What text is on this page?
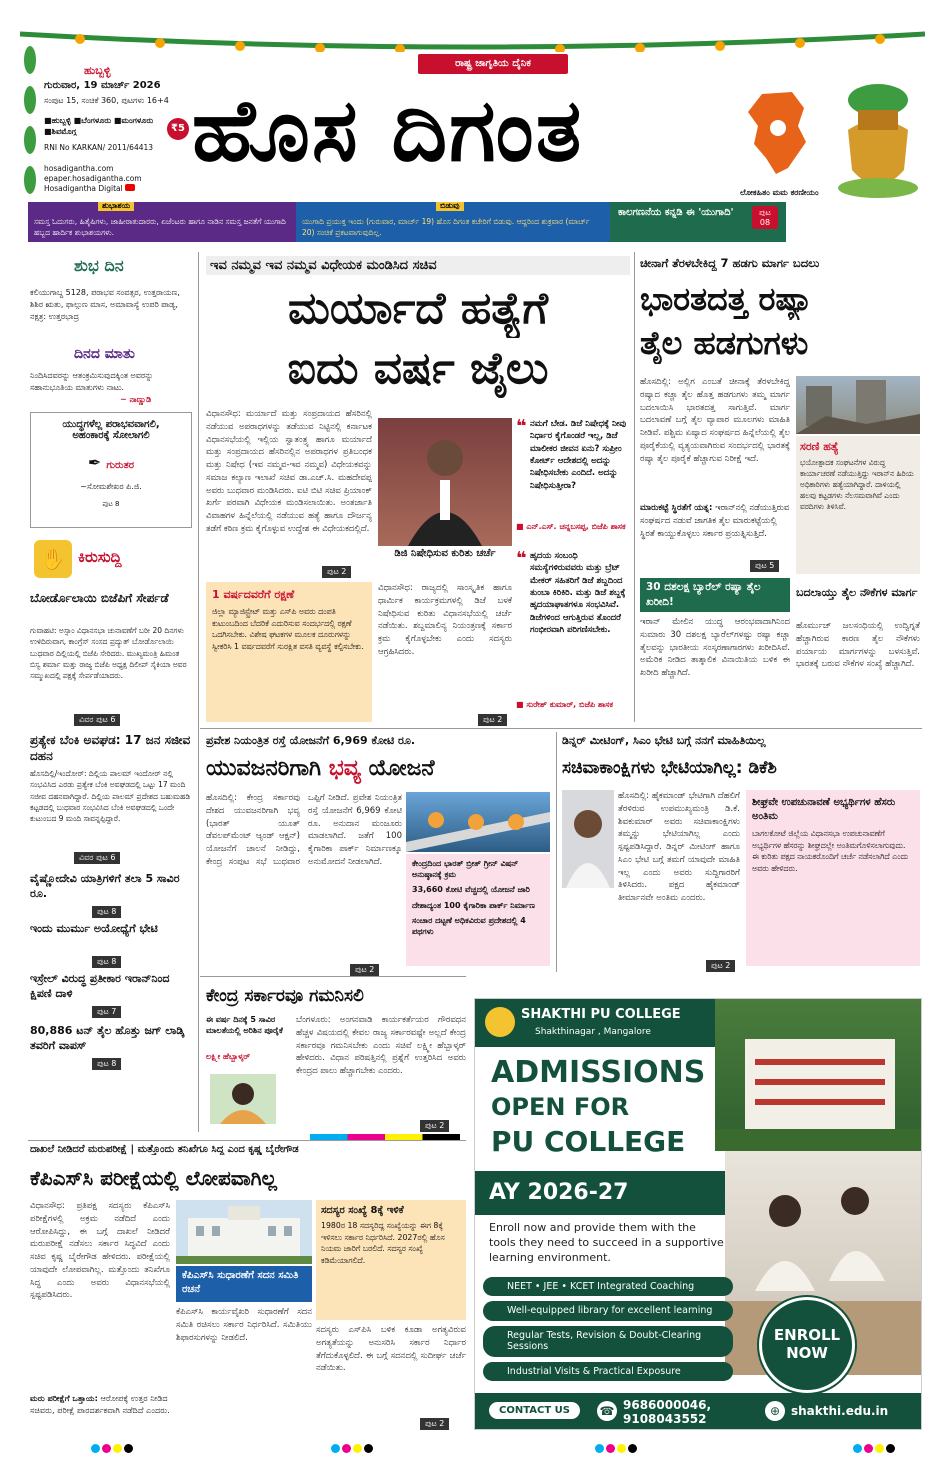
ರಾಷ್ಟ್ರ ಜಾಗೃತಿಯ ದೈನಿಕ
ಹುಬ್ಬಳ್ಳಿ
ಗುರುವಾರ, 19 ಮಾರ್ಚ್ 2026
ಸಂಪುಟ 15, ಸಂಚಿಕೆ 360, ಪುಟಗಳು 16+4
■ಹುಬ್ಬಳ್ಳಿ ■ಬೆಂಗಳೂರು ■ಮಂಗಳೂರು ■ಶಿವಮೊಗ್ಗ	₹5
RNI No KARKAN/ 2011/64413
hosadigantha.com
epaper.hosadigantha.com
Hosadigantha Digital
ಹೊಸ ದಿಗಂತ
ಲೋಕಹಿತಂ ಮಮ ಕರಣೀಯಂ
ಶುಭಾಶಯ
ಸಮಸ್ತ ಓದುಗರು, ಹಿತೈಷಿಗಳು, ಜಾಹೀರಾತುದಾರರು, ಏಜೆಂಟರು ಹಾಗೂ ನಾಡಿನ ಸಮಸ್ತ ಜನತೆಗೆ ಯುಗಾದಿ ಹಬ್ಬದ ಹಾರ್ದಿಕ ಶುಭಾಶಯಗಳು.
ಬಿಡುವು
ಯುಗಾದಿ ಪ್ರಯುಕ್ತ ಇಂದು (ಗುರುವಾರ, ಮಾರ್ಚ್ 19) ಹೊಸ ದಿಗಂತ ಕಚೇರಿಗೆ ಬಿಡುವು. ಆದ್ದರಿಂದ ಶುಕ್ರವಾರ (ಮಾರ್ಚ್ 20) ಸಂಚಿಕೆ ಪ್ರಕಟವಾಗುವುದಿಲ್ಲ.
ಕಾಲಗಣನೆಯ ಕನ್ನಡಿ ಈ 'ಯುಗಾದಿ'	ಪುಟ 08
ಶುಭ ದಿನ
ಕಲಿಯುಗಾಬ್ದ 5128, ಪರಾಭವ ಸಂವತ್ಸರ, ಉತ್ತರಾಯಣ, ಶಿಶಿರ ಋತು, ಫಾಲ್ಗುಣ ಮಾಸ, ಅಮಾವಾಸ್ಯೆ ಉಪರಿ ಪಾಡ್ಯ, ನಕ್ಷತ್ರ: ಉತ್ತರಭಾದ್ರ
ದಿನದ ಮಾತು
ನಿಂದಿಸಿದವರನ್ನು ಆತಂಕ್ರಮಿಸುವುದಕ್ಕಿಂತ ಅವರನ್ನು ಸಹಾನುಭೂತಿಯ ಮಾತುಗಳು ನಾಟು.
~ ನಾಣ್ಣುಡಿ
ಯುದ್ಧಗಳೆಲ್ಲ ಪರಾಭವವಾಗಲಿ,
ಅಹಂಕಾರಕ್ಕೆ ಸೋಲಾಗಲಿ
✒ ಗುರುತರ
~ಸೋಮಶೇಖರ ಪಿ.ಜಿ.
ಪುಟ 8
✋ ಕಿರುಸುದ್ದಿ
ಬೋರ್ಡೊಲಾಯಿ ಬಿಜೆಪಿಗೆ ಸೇರ್ಪಡೆ
ಗುವಾಹಟಿ: ಅಸ್ಸಾಂ ವಿಧಾನಸಭಾ ಚುನಾವಣೆಗೆ ಬರೀ 20 ದಿನಗಳು ಉಳಿದಿರುವಾಗ, ಕಾಂಗ್ರೆಸ್ ಸಂಸದ ಪ್ರದ್ಯುತ್ ಬೋರ್ಡೊಲಾಯಿ ಬುಧವಾರ ದಿಲ್ಲಿಯಲ್ಲಿ ಬಿಜೆಪಿ ಸೇರಿದರು. ಮುಖ್ಯಮಂತ್ರಿ ಹಿಮಂತ ಬಿಸ್ವ ಶರ್ಮಾ ಮತ್ತು ರಾಜ್ಯ ಬಿಜೆಪಿ ಅಧ್ಯಕ್ಷ ದಿಲೀಪ್ ಸೈಕಿಯಾ ಅವರ ಸಮ್ಮುಖದಲ್ಲಿ ಪಕ್ಷಕ್ಕೆ ಸೇರ್ಪಡೆಯಾದರು.
ವಿವರ ಪುಟ 6
ಪ್ರತ್ಯೇಕ ಬೆಂಕಿ ಅವಘಡ: 17 ಜನ ಸಜೀವ ದಹನ
ಹೊಸದಿಲ್ಲಿ/ಇಂದೋರ್: ದಿಲ್ಲಿಯ ಪಾಲಮ್ ಇಂದೋರ್ ನಲ್ಲಿ ಸಂಭವಿಸಿದ ಎರಡು ಪ್ರತ್ಯೇಕ ಬೆಂಕಿ ಅವಘಡದಲ್ಲಿ ಒಟ್ಟು 17 ಮಂದಿ ಸಜೀವ ದಹನವಾಗಿದ್ದಾರೆ. ದಿಲ್ಲಿಯ ಪಾಲಮ್ ಪ್ರದೇಶದ ಬಹುಮಹಡಿ ಕಟ್ಟಡದಲ್ಲಿ ಬುಧವಾರ ಸಂಭವಿಸಿದ ಬೆಂಕಿ ಅವಘಡದಲ್ಲಿ ಒಂದೇ ಕುಟುಂಬದ 9 ಮಂದಿ ಸಾವನ್ನಪ್ಪಿದ್ದಾರೆ.
ವಿವರ ಪುಟ 6
ವೈಷ್ಣೋದೇವಿ ಯಾತ್ರಿಗಳಿಗೆ ತಲಾ 5 ಸಾವಿರ ರೂ.
ಪುಟ 8
ಇಂದು ಮುರ್ಮು ಅಯೋಧ್ಯೆಗೆ ಭೇಟಿ
ಪುಟ 8
ಇಸ್ರೇಲ್ ವಿರುದ್ಧ ಪ್ರತೀಕಾರ ಇರಾನ್‌ನಿಂದ ಕ್ಷಿಪಣಿ ದಾಳಿ
ಪುಟ 7
80,886 ಟನ್ ತೈಲ ಹೊತ್ತು ಜಗ್ ಲಾಡ್ಕಿ ತವರಿಗೆ ವಾಪಸ್
ಪುಟ 8
ಇವ ನಮ್ಮವ ಇವ ನಮ್ಮವ ವಿಧೇಯಕ ಮಂಡಿಸಿದ ಸಚಿವ
ಮರ್ಯಾದೆ ಹತ್ಯೆಗೆ
ಐದು ವರ್ಷ ಜೈಲು
ವಿಧಾನಸೌಧ: ಮರ್ಯಾದೆ ಮತ್ತು ಸಂಪ್ರದಾಯದ ಹೆಸರಿನಲ್ಲಿ ನಡೆಯುವ ಅಪರಾಧಗಳನ್ನು ತಡೆಯುವ ನಿಟ್ಟಿನಲ್ಲಿ ಕರ್ನಾಟಕ ವಿಧಾನಸಭೆಯಲ್ಲಿ ಇಲ್ಲಿಯ ಸ್ವಾತಂತ್ರ್ಯ ಹಾಗೂ ಮರ್ಯಾದೆ ಮತ್ತು ಸಂಪ್ರದಾಯದ ಹೆಸರಿನಲ್ಲಿನ ಅಪರಾಧಗಳ ಪ್ರತಿಬಂಧಕ ಮತ್ತು ನಿಷೇಧ (ಇವ ನಮ್ಮವ-ಇವ ನಮ್ಮವ) ವಿಧೇಯಕವನ್ನು ಸಮಾಜ ಕಲ್ಯಾಣ ಇಲಾಖೆ ಸಚಿವ ಡಾ.ಎಚ್.ಸಿ. ಮಹದೇವಪ್ಪ ಅವರು ಬುಧವಾರ ಮಂಡಿಸಿದರು. ಐಟಿ ಬಿಟಿ ಸಚಿವ ಪ್ರಿಯಾಂಕ್ ಖರ್ಗೆ ಪರವಾಗಿ ವಿಧೇಯಕ ಮಂಡಿಸಲಾಯಿತು. ಅಂತರ್ಜಾತಿ ವಿವಾಹಗಳ ಹಿನ್ನೆಲೆಯಲ್ಲಿ ನಡೆಯುವ ಹತ್ಯೆ ಹಾಗೂ ದೌರ್ಜನ್ಯ ತಡೆಗೆ ಕಠಿಣ ಕ್ರಮ ಕೈಗೊಳ್ಳುವ ಉದ್ದೇಶ ಈ ವಿಧೇಯಕದಲ್ಲಿದೆ.
ಡಿಜಿ ನಿಷೇಧಿಸುವ ಕುರಿತು ಚರ್ಚೆ
ಪುಟ 2
❝ ನಮಗೆ ಬೇಡ. ಡಿಜೆ ನಿಷೇಧಕ್ಕೆ ನೀವು ನಿರ್ಧಾರ ಕೈಗೊಂಡರೆ ಇಲ್ಲ, ಡಿಜೆ ಮಾಲೀಕರ ಜೀವನ ಏನು? ಸುಪ್ರೀಂ ಕೋರ್ಟ್ ಆದೇಶದಲ್ಲಿ ಅದನ್ನು ನಿಷೇಧಿಸಬೇಕು ಎಂದಿದೆ. ಅದನ್ನು ನಿಷೇಧಿಸುತ್ತೀರಾ?
■ ಎನ್.ಎಸ್. ಚನ್ನಬಸಪ್ಪ, ಬಿಜೆಪಿ ಶಾಸಕ
1 ವರ್ಷದವರೆಗೆ ರಕ್ಷಣೆ
ಜಿಲ್ಲಾ ಮ್ಯಾಜಿಸ್ಟ್ರೇಟ್ ಮತ್ತು ಎಸ್‌ಪಿ ಅವರು ದಂಪತಿ ಕುಟುಂಬದಿಂದ ಬೆದರಿಕೆ ಎದುರಿಸುವ ಸಂದರ್ಭದಲ್ಲಿ ರಕ್ಷಣೆ ಒದಗಿಸಬೇಕು. ವಿಶೇಷ ಘಟಕಗಳ ಮೂಲಕ ದೂರುಗಳನ್ನು ಸ್ವೀಕರಿಸಿ 1 ವರ್ಷದವರೆಗೆ ಸುರಕ್ಷಿತ ವಸತಿ ವ್ಯವಸ್ಥೆ ಕಲ್ಪಿಸಬೇಕು.
ವಿಧಾನಸೌಧ: ರಾಜ್ಯದಲ್ಲಿ ಸಾಂಸ್ಕೃತಿಕ ಹಾಗೂ ಧಾರ್ಮಿಕ ಕಾರ್ಯಕ್ರಮಗಳಲ್ಲಿ ಡಿಜೆ ಬಳಕೆ ನಿಷೇಧಿಸುವ ಕುರಿತು ವಿಧಾನಸಭೆಯಲ್ಲಿ ಚರ್ಚೆ ನಡೆಯಿತು. ಶಬ್ದಮಾಲಿನ್ಯ ನಿಯಂತ್ರಣಕ್ಕೆ ಸರ್ಕಾರ ಕ್ರಮ ಕೈಗೊಳ್ಳಬೇಕು ಎಂದು ಸದಸ್ಯರು ಆಗ್ರಹಿಸಿದರು.
ಪುಟ 2
❝ ಹೃದಯ ಸಂಬಂಧಿ ಸಮಸ್ಯೆಗಳಿರುವವರು ಮತ್ತು ಬ್ರೆಟ್ ಮೇಕರ್ ಸಹಿತರಿಗೆ ಡಿಜೆ ಶಬ್ದದಿಂದ ತುಂಬಾ ಕಿರಿಕಿರಿ. ಮತ್ತು ಡಿಜೆ ಶಬ್ದಕ್ಕೆ ಹೃದಯಾಘಾತಗಳೂ ಸಂಭವಿಸಿವೆ. ಡಿಜೆಗಳಿಂದ ಆಗುತ್ತಿರುವ ತೊಂದರೆ ಗಂಭೀರವಾಗಿ ಪರಿಗಣಿಸಬೇಕು.
■ ಸುರೇಶ್ ಕುಮಾರ್, ಬಿಜೆಪಿ ಶಾಸಕ
ಚೀನಾಗೆ ತೆರಳಬೇಕಿದ್ದ 7 ಹಡಗು ಮಾರ್ಗ ಬದಲು
ಭಾರತದತ್ತ ರಷ್ಯಾ
ತೈಲ ಹಡಗುಗಳು
ಹೊಸದಿಲ್ಲಿ: ಅಲ್ಲಿಗ ಎಂಬತೆ ಚೀನಾಕ್ಕೆ ತೆರಳಬೇಕಿದ್ದ ರಷ್ಯಾದ ಕಚ್ಚಾ ತೈಲ ಹೊತ್ತ ಹಡಗುಗಳು ತಮ್ಮ ಮಾರ್ಗ ಬದಲಾಯಿಸಿ ಭಾರತದತ್ತ ಸಾಗುತ್ತಿವೆ. ಮಾರ್ಗ ಬದಲಾವಣೆ ಬಗ್ಗೆ ತೈಲ ವ್ಯಾಪಾರ ಮೂಲಗಳು ಮಾಹಿತಿ ನೀಡಿವೆ. ಪಶ್ಚಿಮ ಏಷ್ಯಾದ ಸಂಘರ್ಷದ ಹಿನ್ನೆಲೆಯಲ್ಲಿ ತೈಲ ಪೂರೈಕೆಯಲ್ಲಿ ವ್ಯತ್ಯಯವಾಗಿರುವ ಸಂದರ್ಭದಲ್ಲಿ ಭಾರತಕ್ಕೆ ರಷ್ಯಾ ತೈಲ ಪೂರೈಕೆ ಹೆಚ್ಚಾಗುವ ನಿರೀಕ್ಷೆ ಇದೆ.
ಮಾರುಕಟ್ಟೆ ಸ್ಥಿರತೆಗೆ ಯತ್ನ: ಇರಾನ್‌ನಲ್ಲಿ ನಡೆಯುತ್ತಿರುವ ಸಂಘರ್ಷದ ನಡುವೆ ಜಾಗತಿಕ ತೈಲ ಮಾರುಕಟ್ಟೆಯಲ್ಲಿ ಸ್ಥಿರತೆ ಕಾಯ್ದುಕೊಳ್ಳಲು ಸರ್ಕಾರ ಪ್ರಯತ್ನಿಸುತ್ತಿದೆ.
ಪುಟ 5
ಸರಣಿ ಹತ್ಯೆ
ಭಯೋತ್ಪಾದಕ ಸಂಘಟನೆಗಳ ವಿರುದ್ಧ ಕಾರ್ಯಾಚರಣೆ ನಡೆಯುತ್ತಿದ್ದು ಇರಾನ್‌ನ ಹಿರಿಯ ಅಧಿಕಾರಿಗಳು ಹತ್ಯೆಯಾಗಿದ್ದಾರೆ. ದಾಳಿಯಲ್ಲಿ ಹಲವು ಕಟ್ಟಡಗಳು ನೆಲಸಮವಾಗಿವೆ ಎಂದು ವರದಿಗಳು ತಿಳಿಸಿವೆ.
30 ದಶಲಕ್ಷ ಬ್ಯಾರೆಲ್ ರಷ್ಯಾ ತೈಲ ಖರೀದಿ!
ಇರಾನ್ ಮೇಲಿನ ಯುದ್ಧ ಆರಂಭವಾದಾಗಿನಿಂದ ಸುಮಾರು 30 ದಶಲಕ್ಷ ಬ್ಯಾರೆಲ್‌ಗಳಷ್ಟು ರಷ್ಯಾ ಕಚ್ಚಾ ತೈಲವನ್ನು ಭಾರತೀಯ ಸಂಸ್ಕರಣಾಗಾರಗಳು ಖರೀದಿಸಿವೆ. ಅಮೆರಿಕ ನೀಡಿದ ತಾತ್ಕಾಲಿಕ ವಿನಾಯಿತಿಯ ಬಳಿಕ ಈ ಖರೀದಿ ಹೆಚ್ಚಾಗಿದೆ.
ಬದಲಾಯ್ತು ತೈಲ ನೌಕೆಗಳ ಮಾರ್ಗ
ಹೊರ್ಮುಜ್ ಜಲಸಂಧಿಯಲ್ಲಿ ಉದ್ವಿಗ್ನತೆ ಹೆಚ್ಚಾಗಿರುವ ಕಾರಣ ತೈಲ ನೌಕೆಗಳು ಪರ್ಯಾಯ ಮಾರ್ಗಗಳನ್ನು ಬಳಸುತ್ತಿವೆ. ಭಾರತಕ್ಕೆ ಬರುವ ನೌಕೆಗಳ ಸಂಖ್ಯೆ ಹೆಚ್ಚಾಗಿದೆ.
ಪ್ರವೇಶ ನಿಯಂತ್ರಿತ ರಸ್ತೆ ಯೋಜನೆಗೆ 6,969 ಕೋಟಿ ರೂ.
ಯುವಜನರಿಗಾಗಿ ಭವ್ಯ ಯೋಜನೆ
ಹೊಸದಿಲ್ಲಿ: ಕೇಂದ್ರ ಸರ್ಕಾರವು ದೇಶದ ಯುವಜನರಿಗಾಗಿ ಭವ್ಯ (ಭಾರತ್ ಯೂತ್ ಡೆವಲಪ್‌ಮೆಂಟ್ ಆ್ಯಂಡ್ ಆಕ್ಷನ್) ಯೋಜನೆಗೆ ಚಾಲನೆ ನೀಡಿದ್ದು, ಕೇಂದ್ರ ಸಂಪುಟ ಸಭೆ ಬುಧವಾರ ಒಪ್ಪಿಗೆ ನೀಡಿದೆ. ಪ್ರವೇಶ ನಿಯಂತ್ರಿತ ರಸ್ತೆ ಯೋಜನೆಗೆ 6,969 ಕೋಟಿ ರೂ. ಅನುದಾನ ಮಂಜೂರು ಮಾಡಲಾಗಿದೆ. ಜತೆಗೆ 100 ಕೈಗಾರಿಕಾ ಪಾರ್ಕ್ ನಿರ್ಮಾಣಕ್ಕೂ ಅನುಮೋದನೆ ನೀಡಲಾಗಿದೆ.
ಪುಟ 2
ಕೇಂದ್ರದಿಂದ ಭಾರತ್ ಬ್ರೀತ್ ಗ್ರೀನ್ ವಿಷನ್ ಅನುಷ್ಠಾನಕ್ಕೆ ಕ್ರಮ
33,660 ಕೋಟಿ ವೆಚ್ಚದಲ್ಲಿ ಯೋಜನೆ ಜಾರಿ
ದೇಶಾದ್ಯಂತ 100 ಕೈಗಾರಿಕಾ ಪಾರ್ಕ್ ನಿರ್ಮಾಣ
ಸಂಚಾರ ದಟ್ಟಣೆ ಅಧಿಕವಿರುವ ಪ್ರದೇಶದಲ್ಲಿ 4 ಪಥಗಳು
ಡಿನ್ನರ್ ಮೀಟಿಂಗ್, ಸಿಎಂ ಭೇಟಿ ಬಗ್ಗೆ ನನಗೆ ಮಾಹಿತಿಯಿಲ್ಲ
ಸಚಿವಾಕಾಂಕ್ಷಿಗಳು ಭೇಟಿಯಾಗಿಲ್ಲ: ಡಿಕೆಶಿ
ಹೊಸದಿಲ್ಲಿ: ಹೈಕಮಾಂಡ್ ಭೇಟಿಗಾಗಿ ದೆಹಲಿಗೆ ತೆರಳಿರುವ ಉಪಮುಖ್ಯಮಂತ್ರಿ ಡಿ.ಕೆ. ಶಿವಕುಮಾರ್ ಅವರು ಸಚಿವಾಕಾಂಕ್ಷಿಗಳು ತಮ್ಮನ್ನು ಭೇಟಿಯಾಗಿಲ್ಲ ಎಂದು ಸ್ಪಷ್ಟಪಡಿಸಿದ್ದಾರೆ. ಡಿನ್ನರ್ ಮೀಟಿಂಗ್ ಹಾಗೂ ಸಿಎಂ ಭೇಟಿ ಬಗ್ಗೆ ತಮಗೆ ಯಾವುದೇ ಮಾಹಿತಿ ಇಲ್ಲ ಎಂದು ಅವರು ಸುದ್ದಿಗಾರರಿಗೆ ತಿಳಿಸಿದರು. ಪಕ್ಷದ ಹೈಕಮಾಂಡ್ ತೀರ್ಮಾನವೇ ಅಂತಿಮ ಎಂದರು.
ಪುಟ 2
ಶೀಘ್ರವೇ ಉಪಚುನಾವಣೆ ಅಭ್ಯರ್ಥಿಗಳ ಹೆಸರು ಅಂತಿಮ
ಬಾಗಲಕೋಟೆ ಜಿಲ್ಲೆಯ ವಿಧಾನಸಭಾ ಉಪಚುನಾವಣೆಗೆ ಅಭ್ಯರ್ಥಿಗಳ ಹೆಸರನ್ನು ಶೀಘ್ರದಲ್ಲೇ ಅಂತಿಮಗೊಳಿಸಲಾಗುವುದು. ಈ ಕುರಿತು ಪಕ್ಷದ ನಾಯಕರೊಂದಿಗೆ ಚರ್ಚೆ ನಡೆಸಲಾಗಿದೆ ಎಂದು ಅವರು ಹೇಳಿದರು.
ಕೇಂದ್ರ ಸರ್ಕಾರವೂ ಗಮನಿಸಲಿ
ಈ ವರ್ಷ ದಿನಕ್ಕೆ 5 ಸಾವಿರ ಮಾಲತೆಯಲ್ಲಿ ಅರಿಶಿನ ಪೂರೈಕೆ
ಲಕ್ಷ್ಮೀ ಹೆಬ್ಬಾಳ್ಕರ್
ಬೆಂಗಳೂರು: ಅಂಗನವಾಡಿ ಕಾರ್ಯಕರ್ತೆಯರ ಗೌರವಧನ ಹೆಚ್ಚಳ ವಿಷಯದಲ್ಲಿ ಕೇವಲ ರಾಜ್ಯ ಸರ್ಕಾರವಷ್ಟೇ ಅಲ್ಲದೆ ಕೇಂದ್ರ ಸರ್ಕಾರವೂ ಗಮನಿಸಬೇಕು ಎಂದು ಸಚಿವೆ ಲಕ್ಷ್ಮೀ ಹೆಬ್ಬಾಳ್ಕರ್ ಹೇಳಿದರು. ವಿಧಾನ ಪರಿಷತ್ತಿನಲ್ಲಿ ಪ್ರಶ್ನೆಗೆ ಉತ್ತರಿಸಿದ ಅವರು ಕೇಂದ್ರದ ಪಾಲು ಹೆಚ್ಚಾಗಬೇಕು ಎಂದರು.
ಪುಟ 2
ದಾಖಲೆ ನೀಡಿದರೆ ಮರುಪರೀಕ್ಷೆ | ಮತ್ತೊಂದು ತನಿಖೆಗೂ ಸಿದ್ಧ ಎಂದ ಕೃಷ್ಣ ಬೈರೇಗೌಡ
ಕೆಪಿಎಸ್‌ಸಿ ಪರೀಕ್ಷೆಯಲ್ಲಿ ಲೋಪವಾಗಿಲ್ಲ
ವಿಧಾನಸೌಧ: ಪ್ರತಿಪಕ್ಷ ಸದಸ್ಯರು ಕೆಪಿಎಸ್‌ಸಿ ಪರೀಕ್ಷೆಗಳಲ್ಲಿ ಅಕ್ರಮ ನಡೆದಿದೆ ಎಂದು ಆರೋಪಿಸಿದ್ದು, ಈ ಬಗ್ಗೆ ದಾಖಲೆ ನೀಡಿದರೆ ಮರುಪರೀಕ್ಷೆ ನಡೆಸಲು ಸರ್ಕಾರ ಸಿದ್ಧವಿದೆ ಎಂದು ಸಚಿವ ಕೃಷ್ಣ ಬೈರೇಗೌಡ ಹೇಳಿದರು. ಪರೀಕ್ಷೆಯಲ್ಲಿ ಯಾವುದೇ ಲೋಪವಾಗಿಲ್ಲ. ಮತ್ತೊಂದು ತನಿಖೆಗೂ ಸಿದ್ಧ ಎಂದು ಅವರು ವಿಧಾನಸಭೆಯಲ್ಲಿ ಸ್ಪಷ್ಟಪಡಿಸಿದರು.
ಮರು ಪರೀಕ್ಷೆಗೆ ಒತ್ತಾಯ: ಆರೋಪಕ್ಕೆ ಉತ್ತರ ನೀಡಿದ ಸಚಿವರು, ಪರೀಕ್ಷೆ ಪಾರದರ್ಶಕವಾಗಿ ನಡೆದಿದೆ ಎಂದರು.
ಕೆಪಿಎಸ್‌ಸಿ ಸುಧಾರಣೆಗೆ ಸದನ ಸಮಿತಿ ರಚನೆ
ಕೆಪಿಎಸ್‌ಸಿ ಕಾರ್ಯವೈಖರಿ ಸುಧಾರಣೆಗೆ ಸದನ ಸಮಿತಿ ರಚಿಸಲು ಸರ್ಕಾರ ನಿರ್ಧರಿಸಿದೆ. ಸಮಿತಿಯು ಶಿಫಾರಸುಗಳನ್ನು ನೀಡಲಿದೆ.
ಸದಸ್ಯರ ಸಂಖ್ಯೆ 8ಕ್ಕೆ ಇಳಿಕೆ
1980ರ 18 ಸದಸ್ಯರಿದ್ದ ಸಂಖ್ಯೆಯನ್ನು ಈಗ 8ಕ್ಕೆ ಇಳಿಸಲು ಸರ್ಕಾರ ನಿರ್ಧರಿಸಿದೆ. 2027ರಲ್ಲಿ ಹೊಸ ನಿಯಮ ಜಾರಿಗೆ ಬರಲಿದೆ. ಸದಸ್ಯರ ಸಂಖ್ಯೆ ಕಡಿಮೆಯಾಗಲಿದೆ.
ಸದಸ್ಯರು ಎಸ್‌ಪಿಸಿ ಬಳಿಕ ಕೂಡಾ ಅಗತ್ಯವಿರುವ ಅಗತ್ಯತೆಯನ್ನು ಅನುಸರಿಸಿ ಸರ್ಕಾರ ನಿರ್ಧಾರ ತೆಗೆದುಕೊಳ್ಳಲಿದೆ. ಈ ಬಗ್ಗೆ ಸದನದಲ್ಲಿ ಸುದೀರ್ಘ ಚರ್ಚೆ ನಡೆಯಿತು.
ಪುಟ 2
SHAKTHI PU COLLEGE
Shakthinagar , Mangalore
ADMISSIONS
OPEN FOR
PU COLLEGE
AY 2026-27
Enroll now and provide them with the tools they need to succeed in a supportive learning environment.
NEET • JEE • KCET Integrated Coaching
Well-equipped library for excellent learning
Regular Tests, Revision & Doubt-Clearing Sessions
Industrial Visits & Practical Exposure
ENROLL
NOW
CONTACT US	☎ 9686000046,
9108043552
⊕ shakthi.edu.in
